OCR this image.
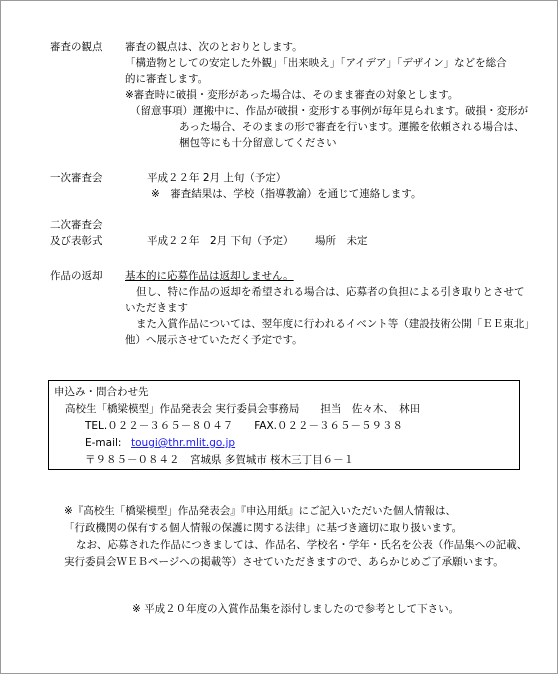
審査の観点 審査の観点は、次のとおりとします。
「構造物としての安定した外観」「出来映え」「アイデア」「デザイン」などを総合
的に審査します。
※審査時に破損・変形があった場合は、そのまま審査の対象とします。
（留意事項）運搬中に、作品が破損・変形する事例が毎年見られます。破損・変形が
あった場合、そのままの形で審査を行います。運搬を依頼される場合は、
梱包等にも十分留意してください
一次審査会	平成２２年 2月 上旬（予定）
※　審査結果は、学校（指導教諭）を通じて連絡します。
二次審査会
及び表彰式	平成２２年　2月 下旬（予定） 場所　未定
作品の返却 基本的に応募作品は返却しません。
但し、特に作品の返却を希望される場合は、応募者の負担による引き取りとさせて
いただきます
また入賞作品については、翌年度に行われるイベント等（建設技術公開「ＥＥ東北」
他）へ展示させていただく予定です。
申込み・問合わせ先
高校生「橋梁模型」作品発表会 実行委員会事務局　　担当　佐々木、　林田
TEL.０２２－３６５－８０４７　　FAX.０２２－３６５－５９３８
E-mail: tougi@thr.mlit.go.jp
〒９８５－０８４２　宮城県 多賀城市 桜木三丁目６－１
※『高校生「橋梁模型」作品発表会』『申込用紙』にご記入いただいた個人情報は、
「行政機関の保有する個人情報の保護に関する法律」に基づき適切に取り扱います。
なお、応募された作品につきましては、作品名、学校名・学年・氏名を公表（作品集への記載、
実行委員会ＷＥＢページへの掲載等）させていただきますので、あらかじめご了承願います。
※ 平成２０年度の入賞作品集を添付しましたので参考として下さい。
